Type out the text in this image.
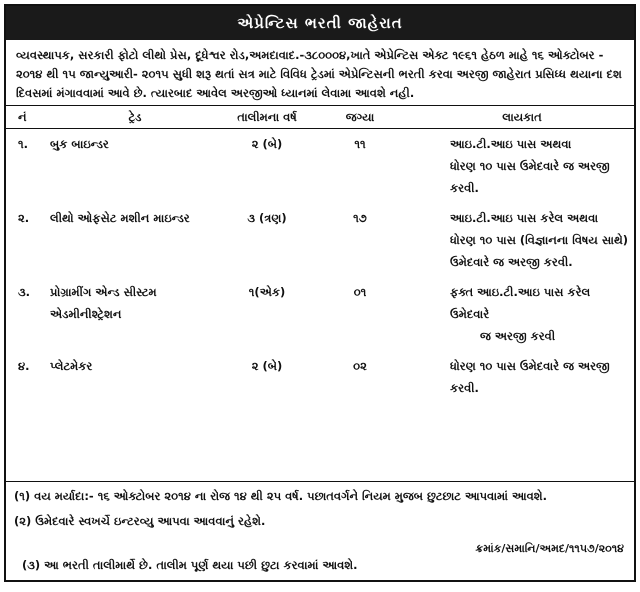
એપ્રેન્ટિસ ભરતી જાહેરાત
વ્યવસ્થાપક, સરકારી ફોટો લીથો પ્રેસ, દૂધેશ્વર રોડ,અમદાવાદ.-૩૮૦૦૦૪,ખાતે એપ્રેન્ટિસ એક્ટ ૧૯૬૧ હેઠળ માહે ૧૬ ઓક્ટોબર - ૨૦૧૪ થી ૧૫ જાન્યુઆરી- ૨૦૧૫ સુધી શરૂ થતાં સત્ર માટે વિવિધ ટ્રેડમાં એપ્રેન્ટિસની ભરતી કરવા અરજી જાહેરાત પ્રસિધ્ધ થયાના દશ દિવસમાં મંગાવવામાં આવે છે. ત્યારબાદ આવેલ અરજીઓ ધ્યાનમાં લેવામા આવશે નહી.
નં	ટ્રેડ	તાલીમના વર્ષ	જગ્યા	લાયકાત
૧.	બુક બાઇન્ડર	૨ (બે)	૧૧	આઇ.ટી.આઇ પાસ અથવા
ધોરણ ૧૦ પાસ ઉમેદવારે જ અરજી
કરવી.

૨.	લીથો ઓફસેટ મશીન માઇન્ડર	૩ (ત્રણ)	૧૭	આઇ.ટી.આઇ પાસ કરેલ અથવા
ધોરણ ૧૦ પાસ (વિજ્ઞાનના વિષય સાથે)
ઉમેદવારે જ અરજી કરવી.

૩.	પ્રોગ્રામીંગ એન્ડ સીસ્ટમ એડમીનીશ્ટ્રેશન	૧(એક)	૦૧	ફક્ત આઇ.ટી.આઇ પાસ કરેલ ઉમેદવારે
જ અરજી કરવી

૪.	પ્લેટમેકર	૨ (બે)	૦૨	ધોરણ ૧૦ પાસ ઉમેદવારે જ અરજી
કરવી.
(૧) વય મર્યાદા:- ૧૬ ઓક્ટોબર ૨૦૧૪ ના રોજ ૧૪ થી ૨૫ વર્ષ. પછાતવર્ગને નિયમ મુજબ છુટછાટ આપવામાં આવશે.
(૨) ઉમેદવારે સ્વખર્ચે ઇન્ટરવ્યુ આપવા આવવાનું રહેશે.
ક્રમાંક/સમાનિ/અમદ/૧૧૫૭/૨૦૧૪
(૩) આ ભરતી તાલીમાર્થે છે. તાલીમ પૂર્ણ થયા પછી છુટા કરવામાં આવશે.
